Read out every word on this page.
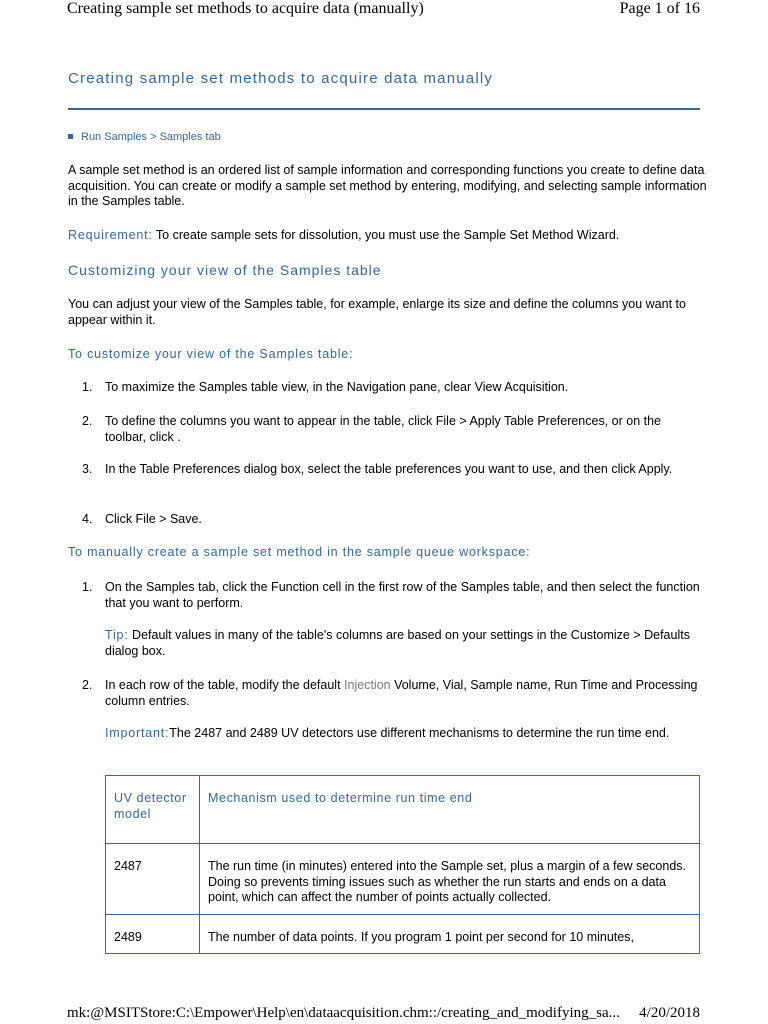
Creating sample set methods to acquire data (manually)	Page 1 of 16
Creating sample set methods to acquire data manually
Run Samples > Samples tab
A sample set method is an ordered list of sample information and corresponding functions you create to define data acquisition. You can create or modify a sample set method by entering, modifying, and selecting sample information in the Samples table.
Requirement: To create sample sets for dissolution, you must use the Sample Set Method Wizard.
Customizing your view of the Samples table
You can adjust your view of the Samples table, for example, enlarge its size and define the columns you want to appear within it.
To customize your view of the Samples table:
1. To maximize the Samples table view, in the Navigation pane, clear View Acquisition.
2. To define the columns you want to appear in the table, click File > Apply Table Preferences, or on the toolbar, click .
3. In the Table Preferences dialog box, select the table preferences you want to use, and then click Apply.
4. Click File > Save.
To manually create a sample set method in the sample queue workspace:
1. On the Samples tab, click the Function cell in the first row of the Samples table, and then select the function that you want to perform.
Tip: Default values in many of the table's columns are based on your settings in the Customize > Defaults dialog box.
2. In each row of the table, modify the default Injection Volume, Vial, Sample name, Run Time and Processing column entries.
Important:The 2487 and 2489 UV detectors use different mechanisms to determine the run time end.
UV detector model	Mechanism used to determine run time end
2487	The run time (in minutes) entered into the Sample set, plus a margin of a few seconds. Doing so prevents timing issues such as whether the run starts and ends on a data point, which can affect the number of points actually collected.
2489	The number of data points. If you program 1 point per second for 10 minutes,
mk:@MSITStore:C:\Empower\Help\en\dataacquisition.chm::/creating_and_modifying_sa... 4/20/2018
